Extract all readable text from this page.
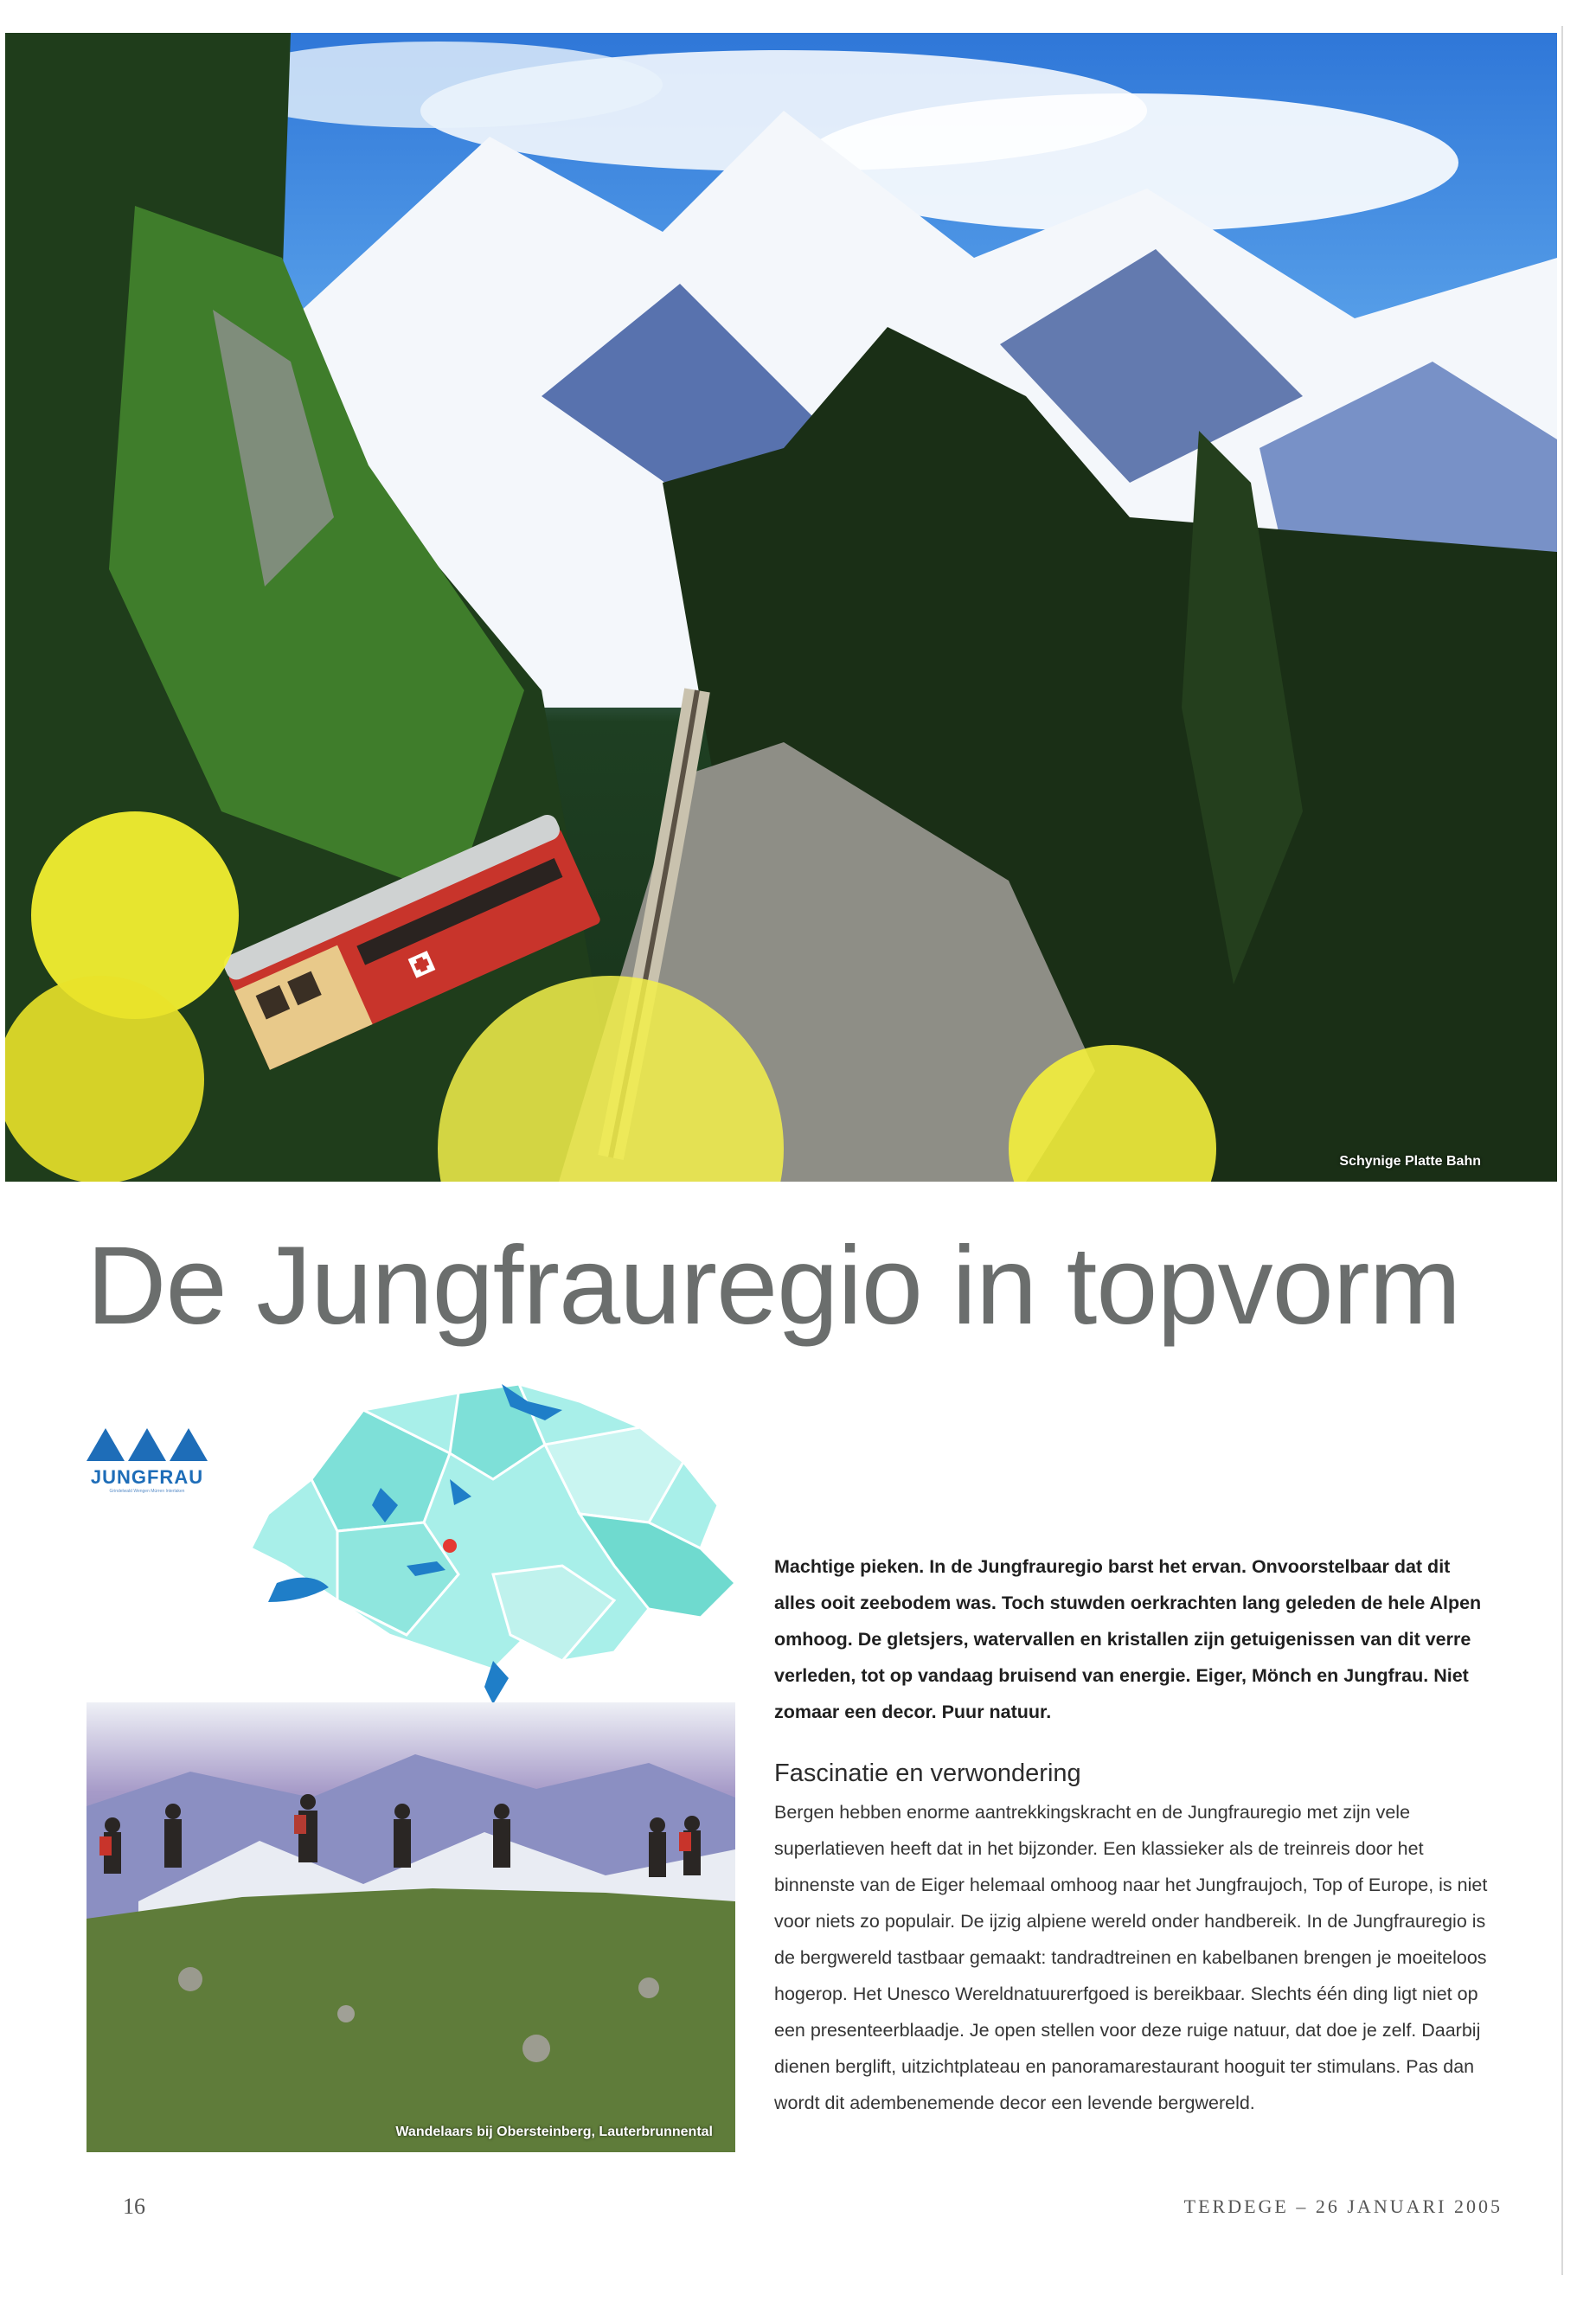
Schynige Platte Bahn
De Jungfrauregio in topvorm
JUNGFRAU
Grindelwald Wengen Mürren Interlaken
Wandelaars bij Obersteinberg, Lauterbrunnental
Machtige pieken. In de Jungfrauregio barst het ervan. Onvoorstelbaar dat dit alles ooit zeebodem was. Toch stuwden oerkrachten lang geleden de hele Alpen omhoog. De gletsjers, watervallen en kristallen zijn getuigenissen van dit verre verleden, tot op vandaag bruisend van energie. Eiger, Mönch en Jungfrau. Niet zomaar een decor. Puur natuur.
Fascinatie en verwondering
Bergen hebben enorme aantrekkingskracht en de Jungfrauregio met zijn vele superlatieven heeft dat in het bijzonder. Een klassieker als de treinreis door het binnenste van de Eiger helemaal omhoog naar het Jungfraujoch, Top of Europe, is niet voor niets zo populair. De ijzig alpiene wereld onder handbereik. In de Jungfrauregio is de bergwereld tastbaar gemaakt: tandradtreinen en kabelbanen brengen je moeiteloos hogerop. Het Unesco Wereldnatuurerfgoed is bereikbaar. Slechts één ding ligt niet op een presenteerblaadje. Je open stellen voor deze ruige natuur, dat doe je zelf. Daarbij dienen berglift, uitzichtplateau en panoramarestaurant hooguit ter stimulans. Pas dan wordt dit adembenemende decor een levende bergwereld.
16	TERDEGE – 26 JANUARI 2005
